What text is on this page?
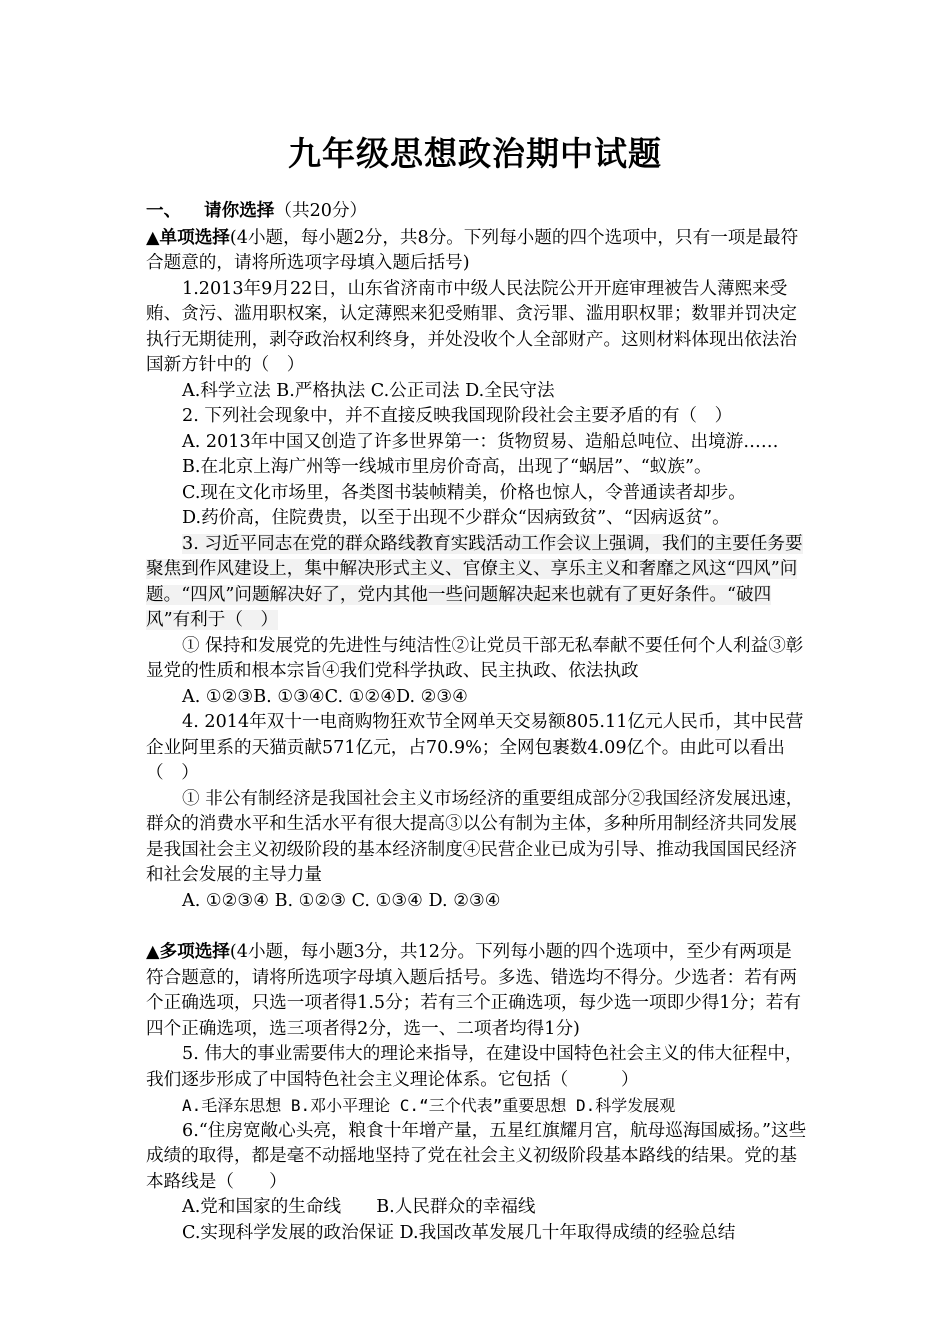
九年级思想政治期中试题

一、 请你选择（共20分）

▲单项选择(4小题，每小题2分，共8分。下列每小题的四个选项中，只有一项是最符合题意的，请将所选项字母填入题后括号)

1.2013年9月22日，山东省济南市中级人民法院公开开庭审理被告人薄熙来受贿、贪污、滥用职权案，认定薄熙来犯受贿罪、贪污罪、滥用职权罪；数罪并罚决定执行无期徒刑，剥夺政治权利终身，并处没收个人全部财产。这则材料体现出依法治国新方针中的（　）

A.科学立法 B.严格执法 C.公正司法 D.全民守法

2. 下列社会现象中，并不直接反映我国现阶段社会主要矛盾的有（　）

A. 2013年中国又创造了许多世界第一：货物贸易、造船总吨位、出境游……

B.在北京上海广州等一线城市里房价奇高，出现了“蜗居”、“蚁族”。

C.现在文化市场里，各类图书装帧精美，价格也惊人，令普通读者却步。

D.药价高，住院费贵，以至于出现不少群众“因病致贫”、“因病返贫”。

3. 习近平同志在党的群众路线教育实践活动工作会议上强调，我们的主要任务要聚焦到作风建设上，集中解决形式主义、官僚主义、享乐主义和奢靡之风这“四风”问题。“四风”问题解决好了，党内其他一些问题解决起来也就有了更好条件。“破四风”有利于（　）

① 保持和发展党的先进性与纯洁性②让党员干部无私奉献不要任何个人利益③彰显党的性质和根本宗旨④我们党科学执政、民主执政、依法执政

A. ①②③B. ①③④C. ①②④D. ②③④

4. 2014年双十一电商购物狂欢节全网单天交易额805.11亿元人民币，其中民营企业阿里系的天猫贡献571亿元，占70.9%；全网包裹数4.09亿个。由此可以看出（　）

① 非公有制经济是我国社会主义市场经济的重要组成部分②我国经济发展迅速，群众的消费水平和生活水平有很大提高③以公有制为主体，多种所用制经济共同发展是我国社会主义初级阶段的基本经济制度④民营企业已成为引导、推动我国国民经济和社会发展的主导力量

A. ①②③④ B. ①②③ C. ①③④ D. ②③④

▲多项选择(4小题，每小题3分，共12分。下列每小题的四个选项中，至少有两项是符合题意的，请将所选项字母填入题后括号。多选、错选均不得分。少选者：若有两个正确选项，只选一项者得1.5分；若有三个正确选项，每少选一项即少得1分；若有四个正确选项，选三项者得2分，选一、二项者均得1分)

5. 伟大的事业需要伟大的理论来指导，在建设中国特色社会主义的伟大征程中，我们逐步形成了中国特色社会主义理论体系。它包括（　　　）

A.毛泽东思想 B.邓小平理论 C.“三个代表”重要思想 D.科学发展观

6.“住房宽敞心头亮，粮食十年增产量，五星红旗耀月宫，航母巡海国威扬。”这些成绩的取得，都是毫不动摇地坚持了党在社会主义初级阶段基本路线的结果。党的基本路线是（　　）

A.党和国家的生命线　　B.人民群众的幸福线

C.实现科学发展的政治保证 D.我国改革发展几十年取得成绩的经验总结
